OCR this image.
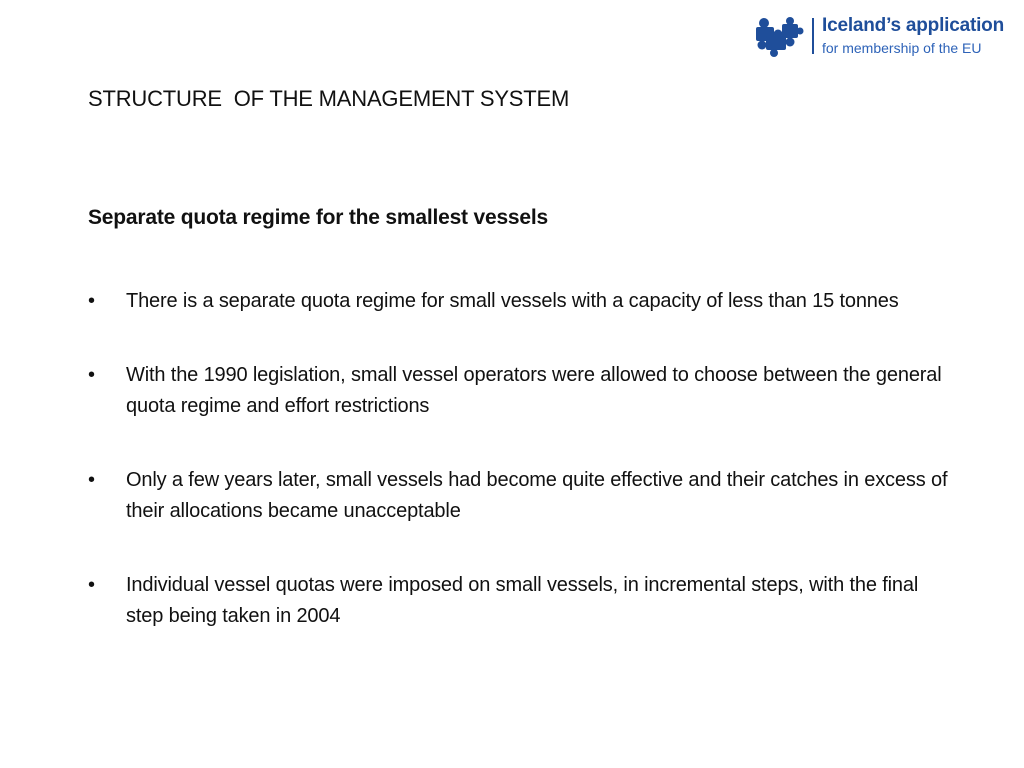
Iceland’s application
for membership of the EU
STRUCTURE  OF THE MANAGEMENT SYSTEM
Separate quota regime for the smallest vessels
•	There is a separate quota regime for small vessels with a capacity of less than 15 tonnes
•	With the 1990 legislation, small vessel operators were allowed to choose between the general quota regime and effort restrictions
•	Only a few years later, small vessels had become quite effective and their catches in excess of their allocations became unacceptable
•	Individual vessel quotas were imposed on small vessels, in incremental steps, with the final step being taken in 2004
